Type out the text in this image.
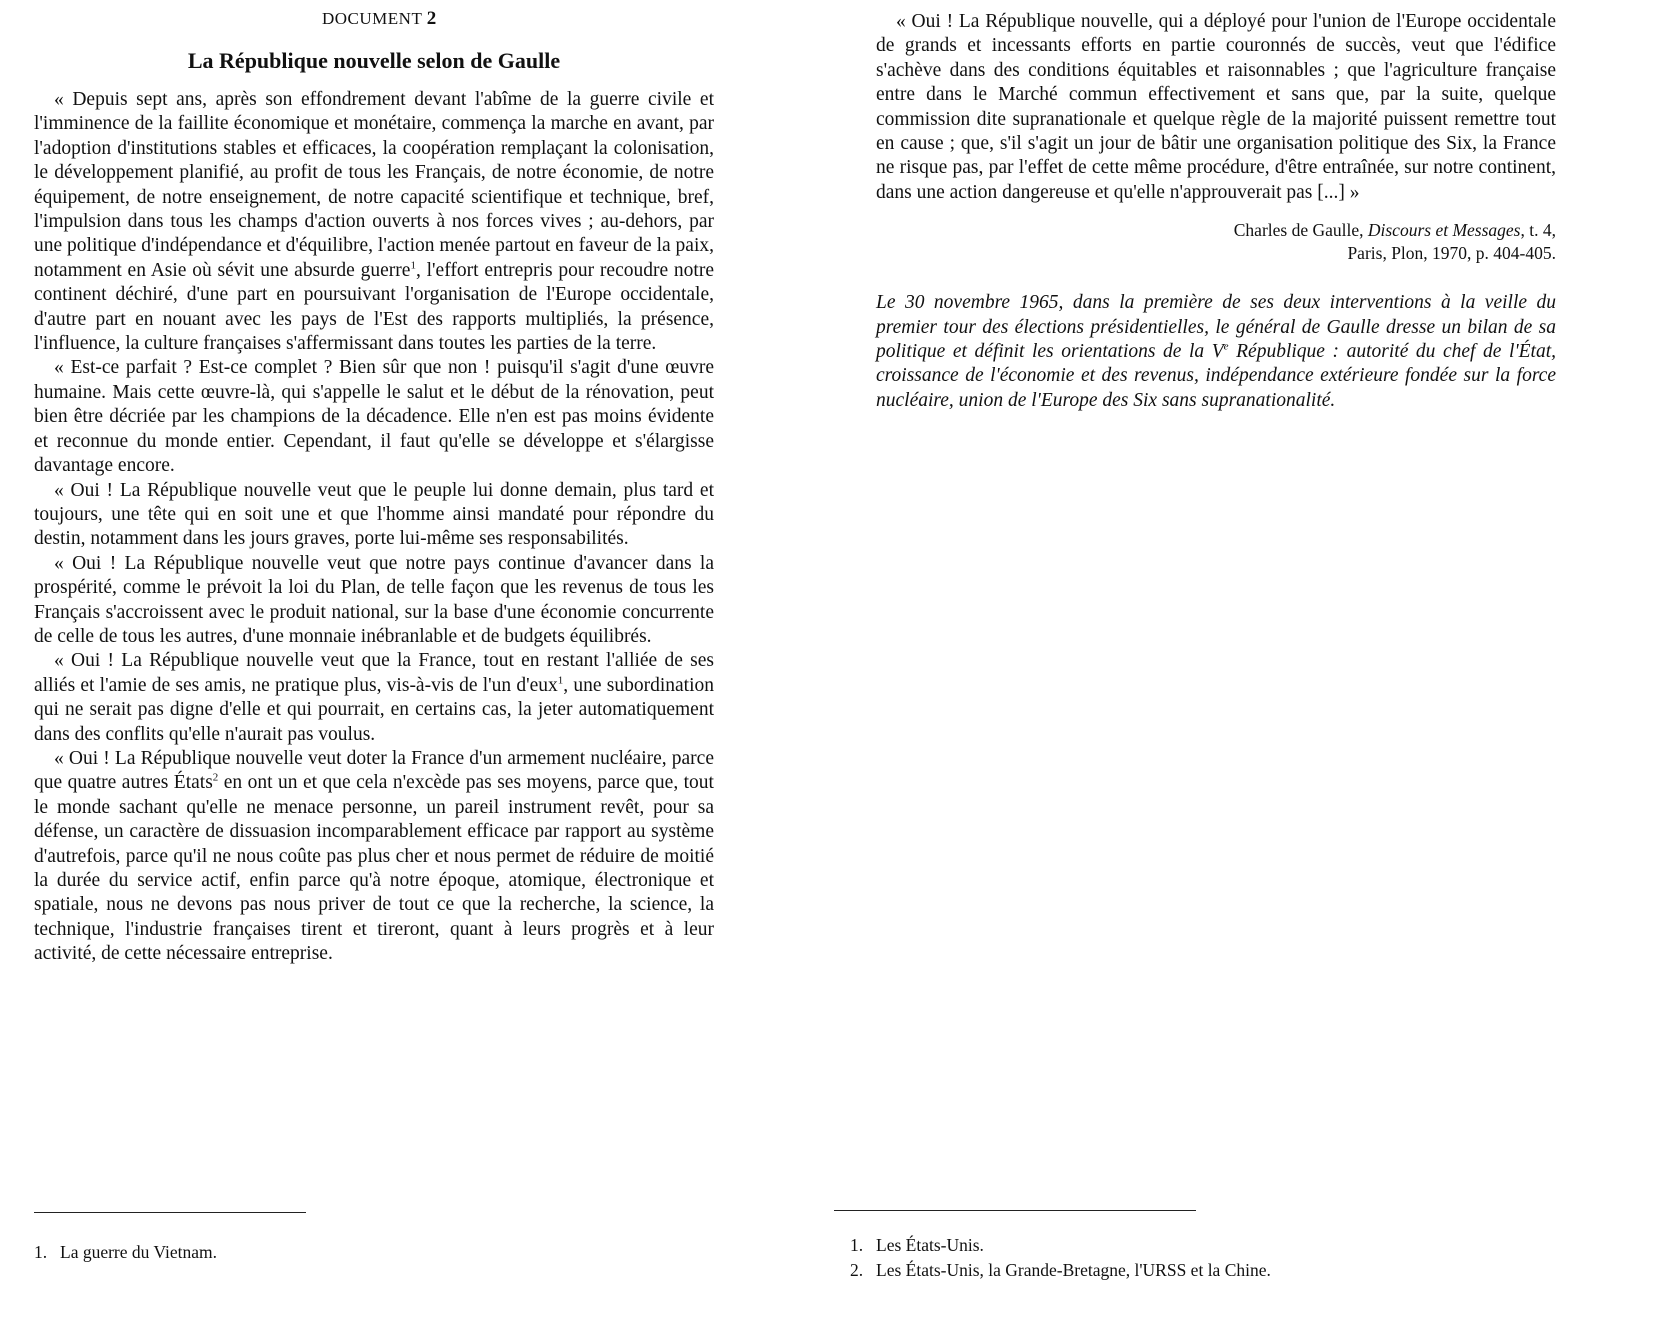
DOCUMENT 2
La République nouvelle selon de Gaulle

« Depuis sept ans, après son effondrement devant l'abîme de la guerre civile et l'imminence de la faillite économique et monétaire, commença la marche en avant, par l'adoption d'institutions stables et efficaces, la coopération remplaçant la colonisation, le développement planifié, au profit de tous les Français, de notre économie, de notre équipement, de notre enseignement, de notre capacité scientifique et technique, bref, l'impulsion dans tous les champs d'action ouverts à nos forces vives ; au-dehors, par une politique d'indépendance et d'équilibre, l'action menée partout en faveur de la paix, notamment en Asie où sévit une absurde guerre$^1$, l'effort entrepris pour recoudre notre continent déchiré, d'une part en poursuivant l'organisation de l'Europe occidentale, d'autre part en nouant avec les pays de l'Est des rapports multipliés, la présence, l'influence, la culture françaises s'affermissant dans toutes les parties de la terre.

« Est-ce parfait ? Est-ce complet ? Bien sûr que non ! puisqu'il s'agit d'une œuvre humaine. Mais cette œuvre-là, qui s'appelle le salut et le début de la rénovation, peut bien être décriée par les champions de la décadence. Elle n'en est pas moins évidente et reconnue du monde entier. Cependant, il faut qu'elle se développe et s'élargisse davantage encore.

« Oui ! La République nouvelle veut que le peuple lui donne demain, plus tard et toujours, une tête qui en soit une et que l'homme ainsi mandaté pour répondre du destin, notamment dans les jours graves, porte lui-même ses responsabilités.

« Oui ! La République nouvelle veut que notre pays continue d'avancer dans la prospérité, comme le prévoit la loi du Plan, de telle façon que les revenus de tous les Français s'accroissent avec le produit national, sur la base d'une économie concurrente de celle de tous les autres, d'une monnaie inébranlable et de budgets équilibrés.

« Oui ! La République nouvelle veut que la France, tout en restant l'alliée de ses alliés et l'amie de ses amis, ne pratique plus, vis-à-vis de l'un d'eux$^1$, une subordination qui ne serait pas digne d'elle et qui pourrait, en certains cas, la jeter automatiquement dans des conflits qu'elle n'aurait pas voulus.

« Oui ! La République nouvelle veut doter la France d'un armement nucléaire, parce que quatre autres États$^2$ en ont un et que cela n'excède pas ses moyens, parce que, tout le monde sachant qu'elle ne menace personne, un pareil instrument revêt, pour sa défense, un caractère de dissuasion incomparablement efficace par rapport au système d'autrefois, parce qu'il ne nous coûte pas plus cher et nous permet de réduire de moitié la durée du service actif, enfin parce qu'à notre époque, atomique, électronique et spatiale, nous ne devons pas nous priver de tout ce que la recherche, la science, la technique, l'industrie françaises tirent et tireront, quant à leurs progrès et à leur activité, de cette nécessaire entreprise.

« Oui ! La République nouvelle, qui a déployé pour l'union de l'Europe occidentale de grands et incessants efforts en partie couronnés de succès, veut que l'édifice s'achève dans des conditions équitables et raisonnables ; que l'agriculture française entre dans le Marché commun effectivement et sans que, par la suite, quelque commission dite supranationale et quelque règle de la majorité puissent remettre tout en cause ; que, s'il s'agit un jour de bâtir une organisation politique des Six, la France ne risque pas, par l'effet de cette même procédure, d'être entraînée, sur notre continent, dans une action dangereuse et qu'elle n'approuverait pas [...] »

Charles de Gaulle, Discours et Messages, t. 4,
Paris, Plon, 1970, p. 404-405.
Le 30 novembre 1965, dans la première de ses deux interventions à la veille du premier tour des élections présidentielles, le général de Gaulle dresse un bilan de sa politique et définit les orientations de la Ve République : autorité du chef de l'État, croissance de l'économie et des revenus, indépendance extérieure fondée sur la force nucléaire, union de l'Europe des Six sans supranationalité.
1. La guerre du Vietnam.	1. Les États-Unis.
2. Les États-Unis, la Grande-Bretagne, l'URSS et la Chine.
